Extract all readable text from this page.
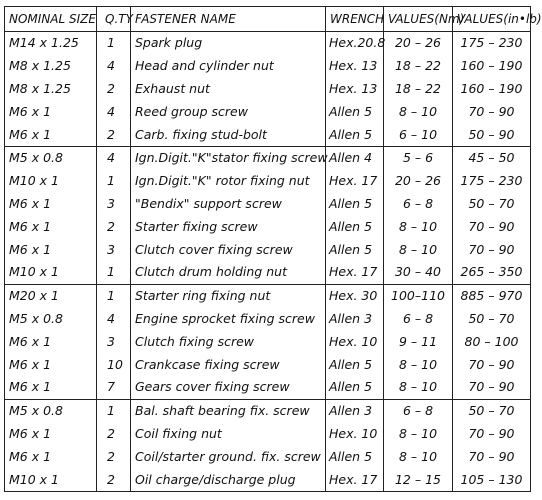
NOMINAL SIZE	Q.TY	FASTENER NAME	WRENCH	VALUES(Nm)	VALUES(in•lb)
M14 x 1.25	1	Spark plug	Hex.20.8	20 – 26	175 – 230
M8 x 1.25	4	Head and cylinder nut	Hex. 13	18 – 22	160 – 190
M8 x 1.25	2	Exhaust nut	Hex. 13	18 – 22	160 – 190
M6 x 1	4	Reed group screw	Allen 5	8 – 10	70 – 90
M6 x 1	2	Carb. fixing stud-bolt	Allen 5	6 – 10	50 – 90
M5 x 0.8	4	Ign.Digit."K"stator fixing screw	Allen 4	5 – 6	45 – 50
M10 x 1	1	Ign.Digit."K" rotor fixing nut	Hex. 17	20 – 26	175 – 230
M6 x 1	3	"Bendix" support screw	Allen 5	6 – 8	50 – 70
M6 x 1	2	Starter fixing screw	Allen 5	8 – 10	70 – 90
M6 x 1	3	Clutch cover fixing screw	Allen 5	8 – 10	70 – 90
M10 x 1	1	Clutch drum holding nut	Hex. 17	30 – 40	265 – 350
M20 x 1	1	Starter ring fixing nut	Hex. 30	100–110	885 – 970
M5 x 0.8	4	Engine sprocket fixing screw	Allen 3	6 – 8	50 – 70
M6 x 1	3	Clutch fixing screw	Hex. 10	9 – 11	80 – 100
M6 x 1	10	Crankcase fixing screw	Allen 5	8 – 10	70 – 90
M6 x 1	7	Gears cover fixing screw	Allen 5	8 – 10	70 – 90
M5 x 0.8	1	Bal. shaft bearing fix. screw	Allen 3	6 – 8	50 – 70
M6 x 1	2	Coil fixing nut	Hex. 10	8 – 10	70 – 90
M6 x 1	2	Coil/starter ground. fix. screw	Allen 5	8 – 10	70 – 90
M10 x 1	2	Oil charge/discharge plug	Hex. 17	12 – 15	105 – 130
